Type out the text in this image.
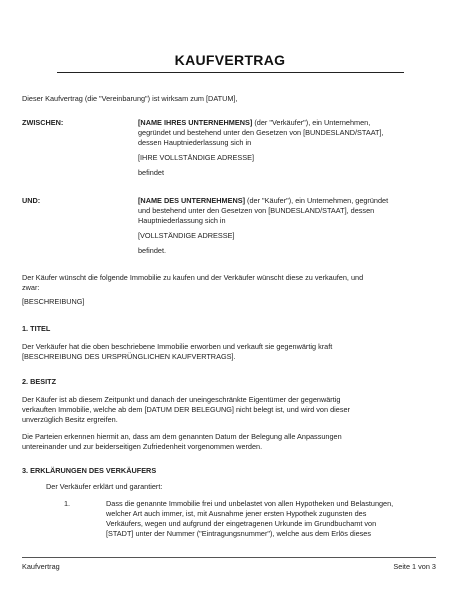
KAUFVERTRAG
Dieser Kaufvertrag (die "Vereinbarung") ist wirksam zum [DATUM],
ZWISCHEN:	[NAME IHRES UNTERNEHMENS] (der "Verkäufer"), ein Unternehmen,
gegründet und bestehend unter den Gesetzen von [BUNDESLAND/STAAT],
dessen Hauptniederlassung sich in
[IHRE VOLLSTÄNDIGE ADRESSE]
befindet
UND:	[NAME DES UNTERNEHMENS] (der "Käufer"), ein Unternehmen, gegründet
und bestehend unter den Gesetzen von [BUNDESLAND/STAAT], dessen
Hauptniederlassung sich in
[VOLLSTÄNDIGE ADRESSE]
befindet.
Der Käufer wünscht die folgende Immobilie zu kaufen und der Verkäufer wünscht diese zu verkaufen, und
zwar:
[BESCHREIBUNG]
1. TITEL
Der Verkäufer hat die oben beschriebene Immobilie erworben und verkauft sie gegenwärtig kraft
[BESCHREIBUNG DES URSPRÜNGLICHEN KAUFVERTRAGS].
2. BESITZ
Der Käufer ist ab diesem Zeitpunkt und danach der uneingeschränkte Eigentümer der gegenwärtig
verkauften Immobilie, welche ab dem [DATUM DER BELEGUNG] nicht belegt ist, und wird von dieser
unverzüglich Besitz ergreifen.
Die Parteien erkennen hiermit an, dass am dem genannten Datum der Belegung alle Anpassungen
untereinander und zur beiderseitigen Zufriedenheit vorgenommen werden.
3. ERKLÄRUNGEN DES VERKÄUFERS
Der Verkäufer erklärt und garantiert:
1.	Dass die genannte Immobilie frei und unbelastet von allen Hypotheken und Belastungen,
welcher Art auch immer, ist, mit Ausnahme jener ersten Hypothek zugunsten des
Verkäufers, wegen und aufgrund der eingetragenen Urkunde im Grundbuchamt von
[STADT] unter der Nummer ("Eintragungsnummer"), welche aus dem Erlös dieses
Kaufvertrag	Seite 1 von 3
